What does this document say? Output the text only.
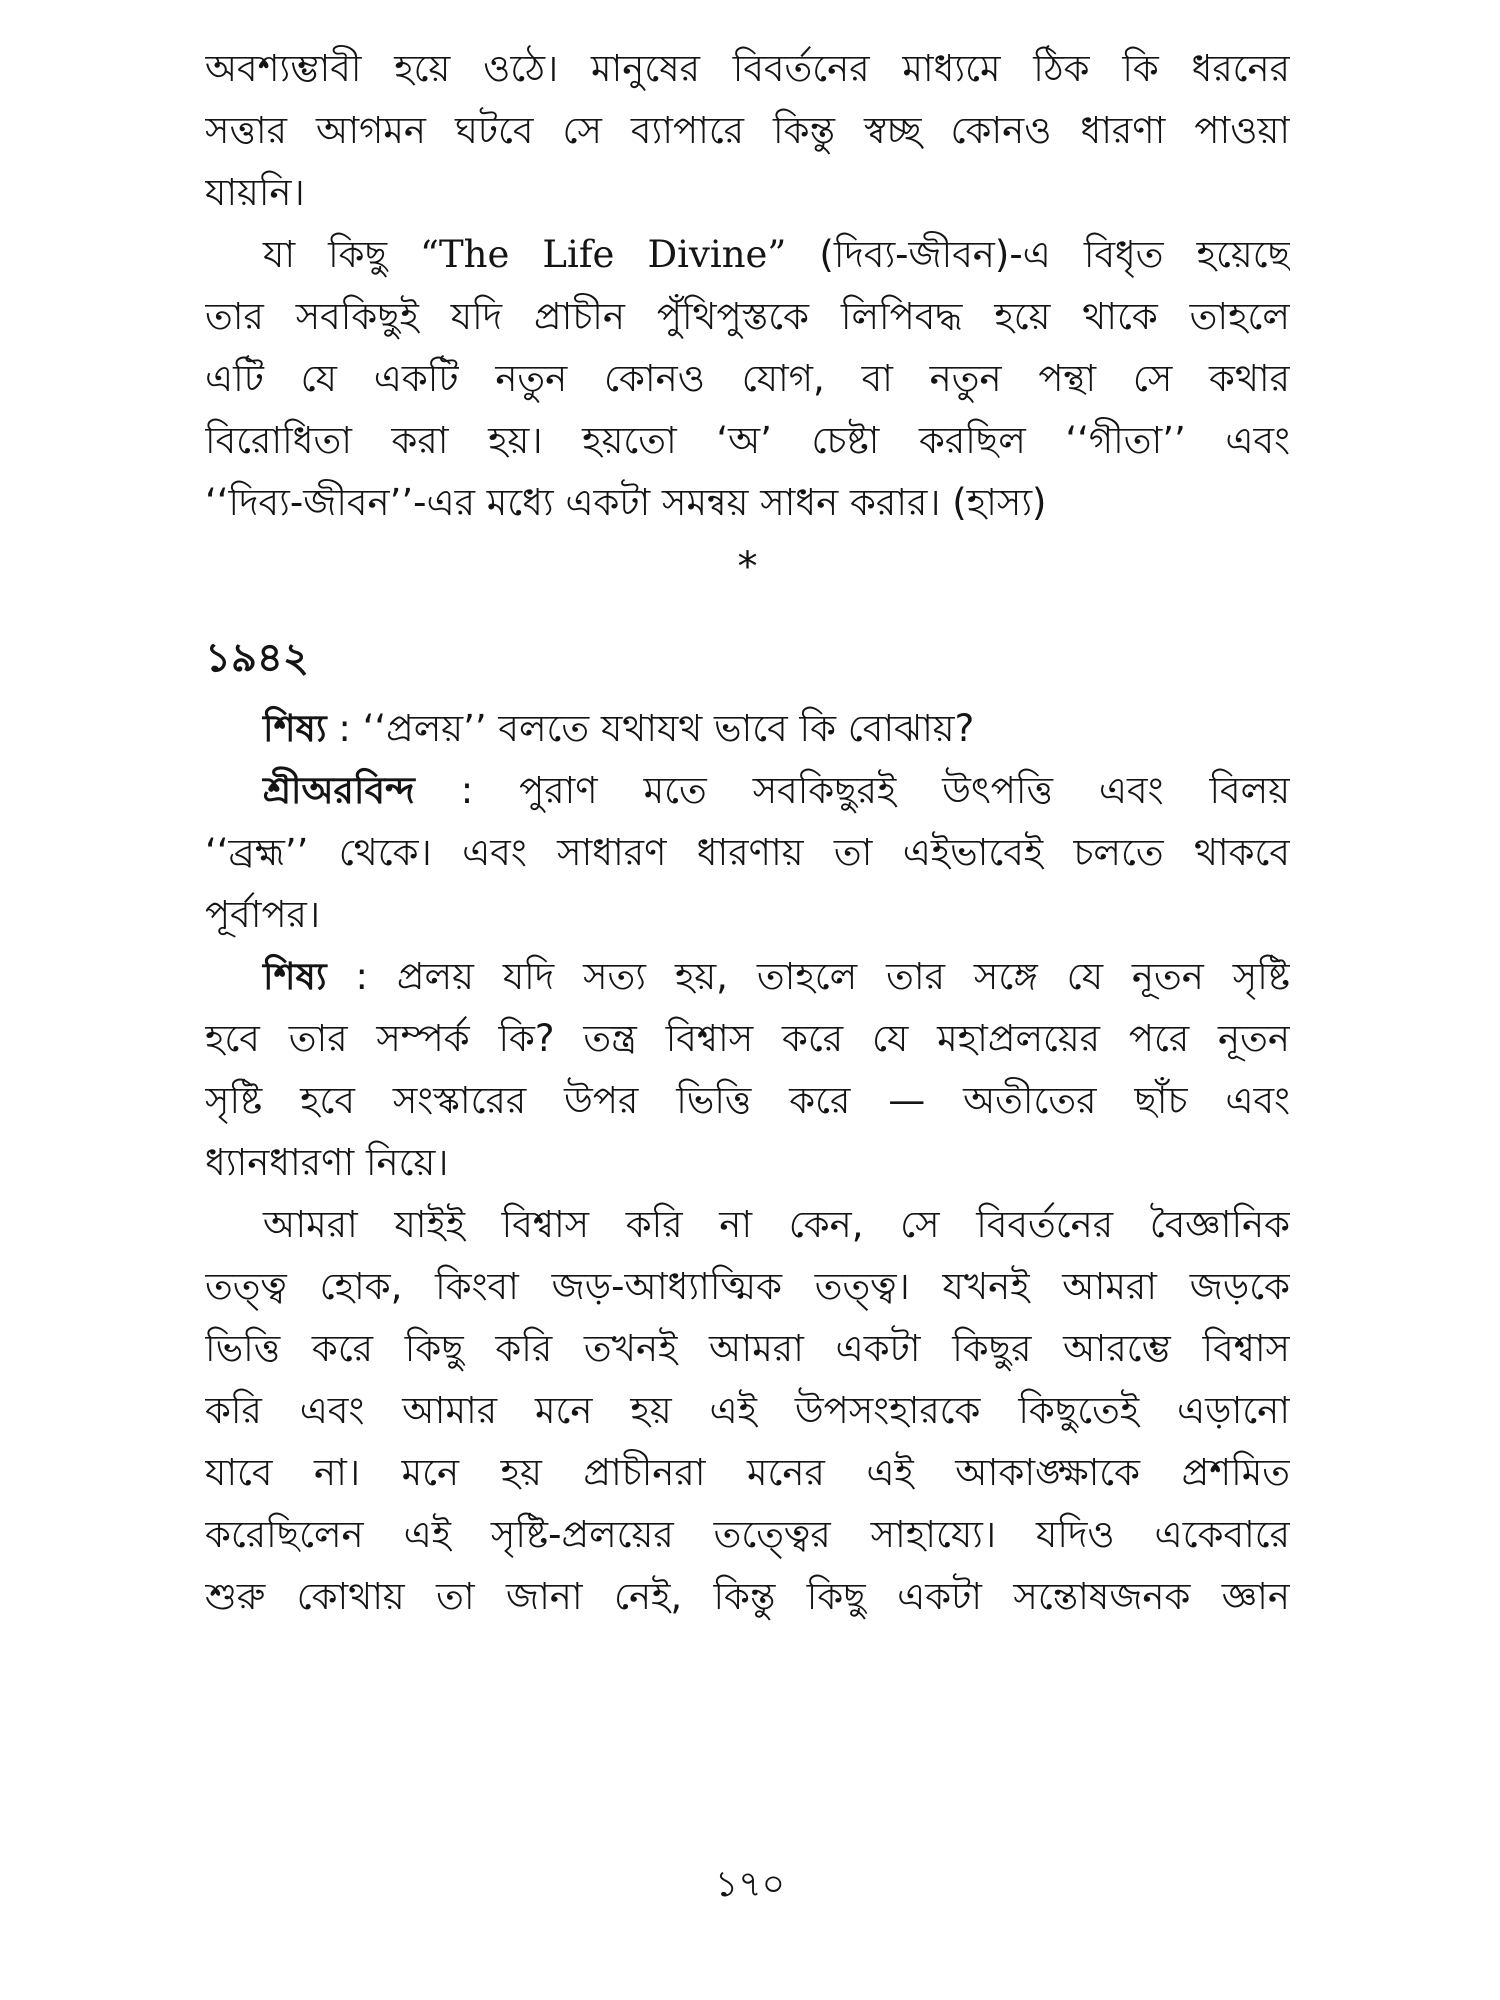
অবশ্যম্ভাবী হয়ে ওঠে। মানুষের বিবর্তনের মাধ্যমে ঠিক কি ধরনের
সত্তার আগমন ঘটবে সে ব্যাপারে কিন্তু স্বচ্ছ কোনও ধারণা পাওয়া
যায়নি।
যা কিছু “The Life Divine” (দিব্য-জীবন)-এ বিধৃত হয়েছে
তার সবকিছুই যদি প্রাচীন পুঁথিপুস্তকে লিপিবদ্ধ হয়ে থাকে তাহলে
এটি যে একটি নতুন কোনও যোগ, বা নতুন পন্থা সে কথার
বিরোধিতা করা হয়। হয়তো ‘অ’ চেষ্টা করছিল ‘‘গীতা’’ এবং
‘‘দিব্য-জীবন’’-এর মধ্যে একটা সমন্বয় সাধন করার। (হাস্য)
*
১৯৪২
শিষ্য : ‘‘প্রলয়’’ বলতে যথাযথ ভাবে কি বোঝায়?
শ্রীঅরবিন্দ : পুরাণ মতে সবকিছুরই উৎপত্তি এবং বিলয়
‘‘ব্রহ্ম’’ থেকে। এবং সাধারণ ধারণায় তা এইভাবেই চলতে থাকবে
পূর্বাপর।
শিষ্য : প্রলয় যদি সত্য হয়, তাহলে তার সঙ্গে যে নূতন সৃষ্টি
হবে তার সম্পর্ক কি? তন্ত্র বিশ্বাস করে যে মহাপ্রলয়ের পরে নূতন
সৃষ্টি হবে সংস্কারের উপর ভিত্তি করে — অতীতের ছাঁচ এবং
ধ্যানধারণা নিয়ে।
আমরা যাইই বিশ্বাস করি না কেন, সে বিবর্তনের বৈজ্ঞানিক
তত্ত্ব হোক, কিংবা জড়-আধ্যাত্মিক তত্ত্ব। যখনই আমরা জড়কে
ভিত্তি করে কিছু করি তখনই আমরা একটা কিছুর আরম্ভে বিশ্বাস
করি এবং আমার মনে হয় এই উপসংহারকে কিছুতেই এড়ানো
যাবে না। মনে হয় প্রাচীনরা মনের এই আকাঙ্ক্ষাকে প্রশমিত
করেছিলেন এই সৃষ্টি-প্রলয়ের তত্ত্বের সাহায্যে। যদিও একেবারে
শুরু কোথায় তা জানা নেই, কিন্তু কিছু একটা সন্তোষজনক জ্ঞান
১৭০
